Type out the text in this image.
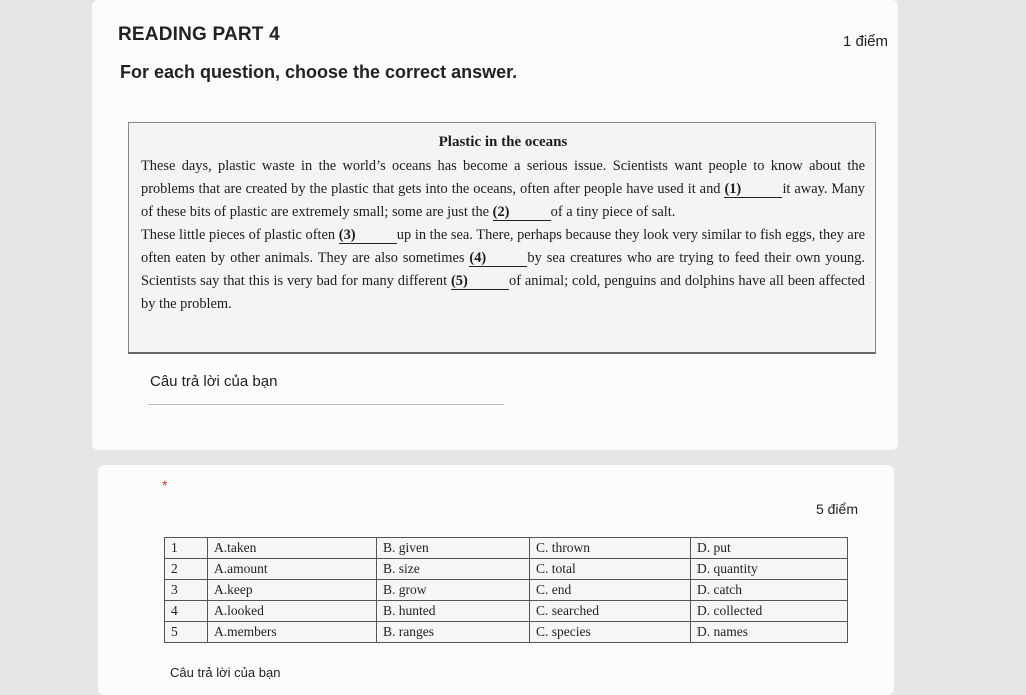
READING PART 4	1 điểm
For each question, choose the correct answer.
Plastic in the oceans

These days, plastic waste in the world’s oceans has become a serious issue. Scientists want people to know about the problems that are created by the plastic that gets into the oceans, often after people have used it and (1)	it away. Many of these bits of plastic are extremely small; some are just the (2)	of a tiny piece of salt.

These little pieces of plastic often (3)	up in the sea. There, perhaps because they look very similar to fish eggs, they are often eaten by other animals. They are also sometimes (4)	by sea creatures who are trying to feed their own young. Scientists say that this is very bad for many different (5)	of animal; cold, penguins and dolphins have all been affected by the problem.

Câu trả lời của bạn
*
5 điểm
1	A.taken	B. given	C. thrown	D. put
2	A.amount	B. size	C. total	D. quantity
3	A.keep	B. grow	C. end	D. catch
4	A.looked	B. hunted	C. searched	D. collected
5	A.members	B. ranges	C. species	D. names
Câu trả lời của bạn
